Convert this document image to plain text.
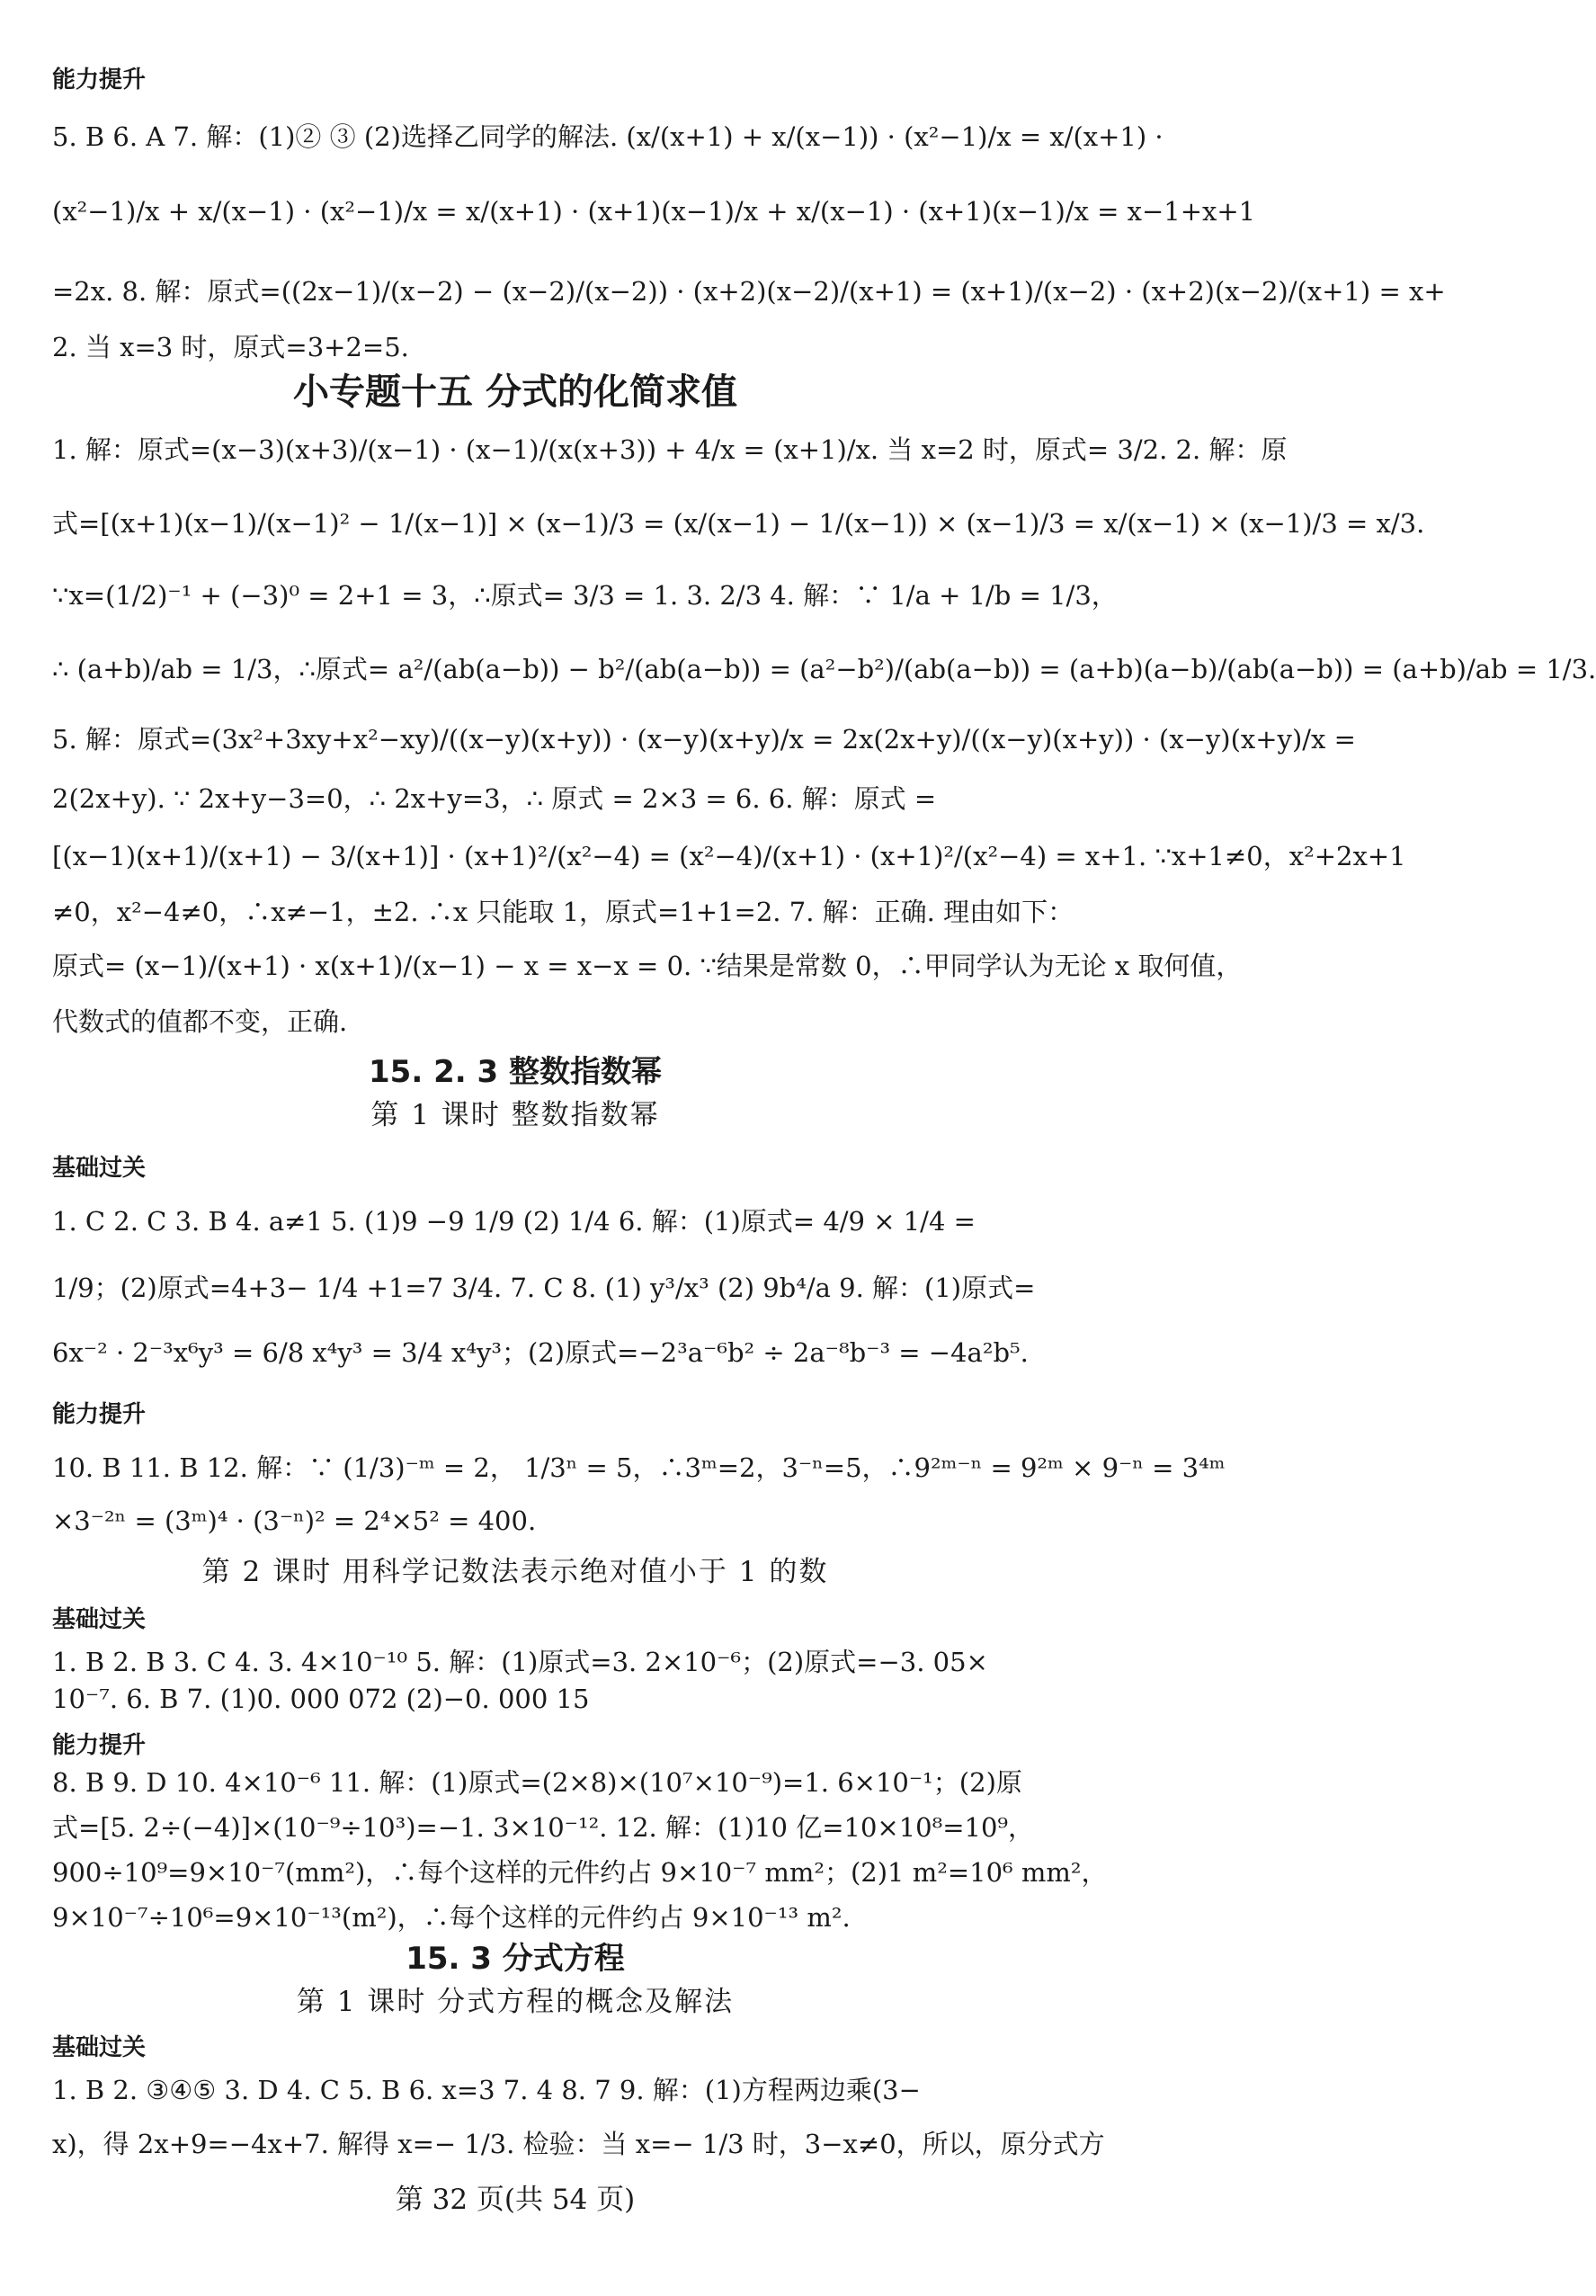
能力提升
5. B 6. A 7. 解：(1)② ③ (2)选择乙同学的解法. (x/(x+1) + x/(x−1)) · (x²−1)/x = x/(x+1) ·
(x²−1)/x + x/(x−1) · (x²−1)/x = x/(x+1) · (x+1)(x−1)/x + x/(x−1) · (x+1)(x−1)/x = x−1+x+1
=2x. 8. 解：原式=((2x−1)/(x−2) − (x−2)/(x−2)) · (x+2)(x−2)/(x+1) = (x+1)/(x−2) · (x+2)(x−2)/(x+1) = x+
2. 当 x=3 时，原式=3+2=5.
小专题十五 分式的化简求值
1. 解：原式=(x−3)(x+3)/(x−1) · (x−1)/(x(x+3)) + 4/x = (x+1)/x. 当 x=2 时，原式= 3/2. 2. 解：原
式=[(x+1)(x−1)/(x−1)² − 1/(x−1)] × (x−1)/3 = (x/(x−1) − 1/(x−1)) × (x−1)/3 = x/(x−1) × (x−1)/3 = x/3.
∵x=(1/2)⁻¹ + (−3)⁰ = 2+1 = 3，∴原式= 3/3 = 1. 3. 2/3 4. 解：∵ 1/a + 1/b = 1/3，
∴ (a+b)/ab = 1/3，∴原式= a²/(ab(a−b)) − b²/(ab(a−b)) = (a²−b²)/(ab(a−b)) = (a+b)(a−b)/(ab(a−b)) = (a+b)/ab = 1/3.
5. 解：原式=(3x²+3xy+x²−xy)/((x−y)(x+y)) · (x−y)(x+y)/x = 2x(2x+y)/((x−y)(x+y)) · (x−y)(x+y)/x =
2(2x+y). ∵ 2x+y−3=0，∴ 2x+y=3，∴ 原式 = 2×3 = 6. 6. 解：原式 =
[(x−1)(x+1)/(x+1) − 3/(x+1)] · (x+1)²/(x²−4) = (x²−4)/(x+1) · (x+1)²/(x²−4) = x+1. ∵x+1≠0，x²+2x+1
≠0，x²−4≠0，∴x≠−1，±2. ∴x 只能取 1，原式=1+1=2. 7. 解：正确. 理由如下：
原式= (x−1)/(x+1) · x(x+1)/(x−1) − x = x−x = 0. ∵结果是常数 0，∴甲同学认为无论 x 取何值，
代数式的值都不变，正确.
15. 2. 3 整数指数幂
第 1 课时 整数指数幂
基础过关
1. C 2. C 3. B 4. a≠1 5. (1)9 −9 1/9 (2) 1/4 6. 解：(1)原式= 4/9 × 1/4 =
1/9；(2)原式=4+3− 1/4 +1=7 3/4. 7. C 8. (1) y³/x³ (2) 9b⁴/a 9. 解：(1)原式=
6x⁻² · 2⁻³x⁶y³ = 6/8 x⁴y³ = 3/4 x⁴y³；(2)原式=−2³a⁻⁶b² ÷ 2a⁻⁸b⁻³ = −4a²b⁵.
能力提升
10. B 11. B 12. 解：∵ (1/3)⁻ᵐ = 2， 1/3ⁿ = 5，∴3ᵐ=2，3⁻ⁿ=5，∴9²ᵐ⁻ⁿ = 9²ᵐ × 9⁻ⁿ = 3⁴ᵐ
×3⁻²ⁿ = (3ᵐ)⁴ · (3⁻ⁿ)² = 2⁴×5² = 400.
第 2 课时 用科学记数法表示绝对值小于 1 的数
基础过关
1. B 2. B 3. C 4. 3. 4×10⁻¹⁰ 5. 解：(1)原式=3. 2×10⁻⁶；(2)原式=−3. 05×
10⁻⁷. 6. B 7. (1)0. 000 072 (2)−0. 000 15
能力提升
8. B 9. D 10. 4×10⁻⁶ 11. 解：(1)原式=(2×8)×(10⁷×10⁻⁹)=1. 6×10⁻¹；(2)原
式=[5. 2÷(−4)]×(10⁻⁹÷10³)=−1. 3×10⁻¹². 12. 解：(1)10 亿=10×10⁸=10⁹，
900÷10⁹=9×10⁻⁷(mm²)，∴每个这样的元件约占 9×10⁻⁷ mm²；(2)1 m²=10⁶ mm²，
9×10⁻⁷÷10⁶=9×10⁻¹³(m²)，∴每个这样的元件约占 9×10⁻¹³ m².
15. 3 分式方程
第 1 课时 分式方程的概念及解法
基础过关
1. B 2. ③④⑤ 3. D 4. C 5. B 6. x=3 7. 4 8. 7 9. 解：(1)方程两边乘(3−
x)，得 2x+9=−4x+7. 解得 x=− 1/3. 检验：当 x=− 1/3 时，3−x≠0，所以，原分式方
第 32 页(共 54 页)
